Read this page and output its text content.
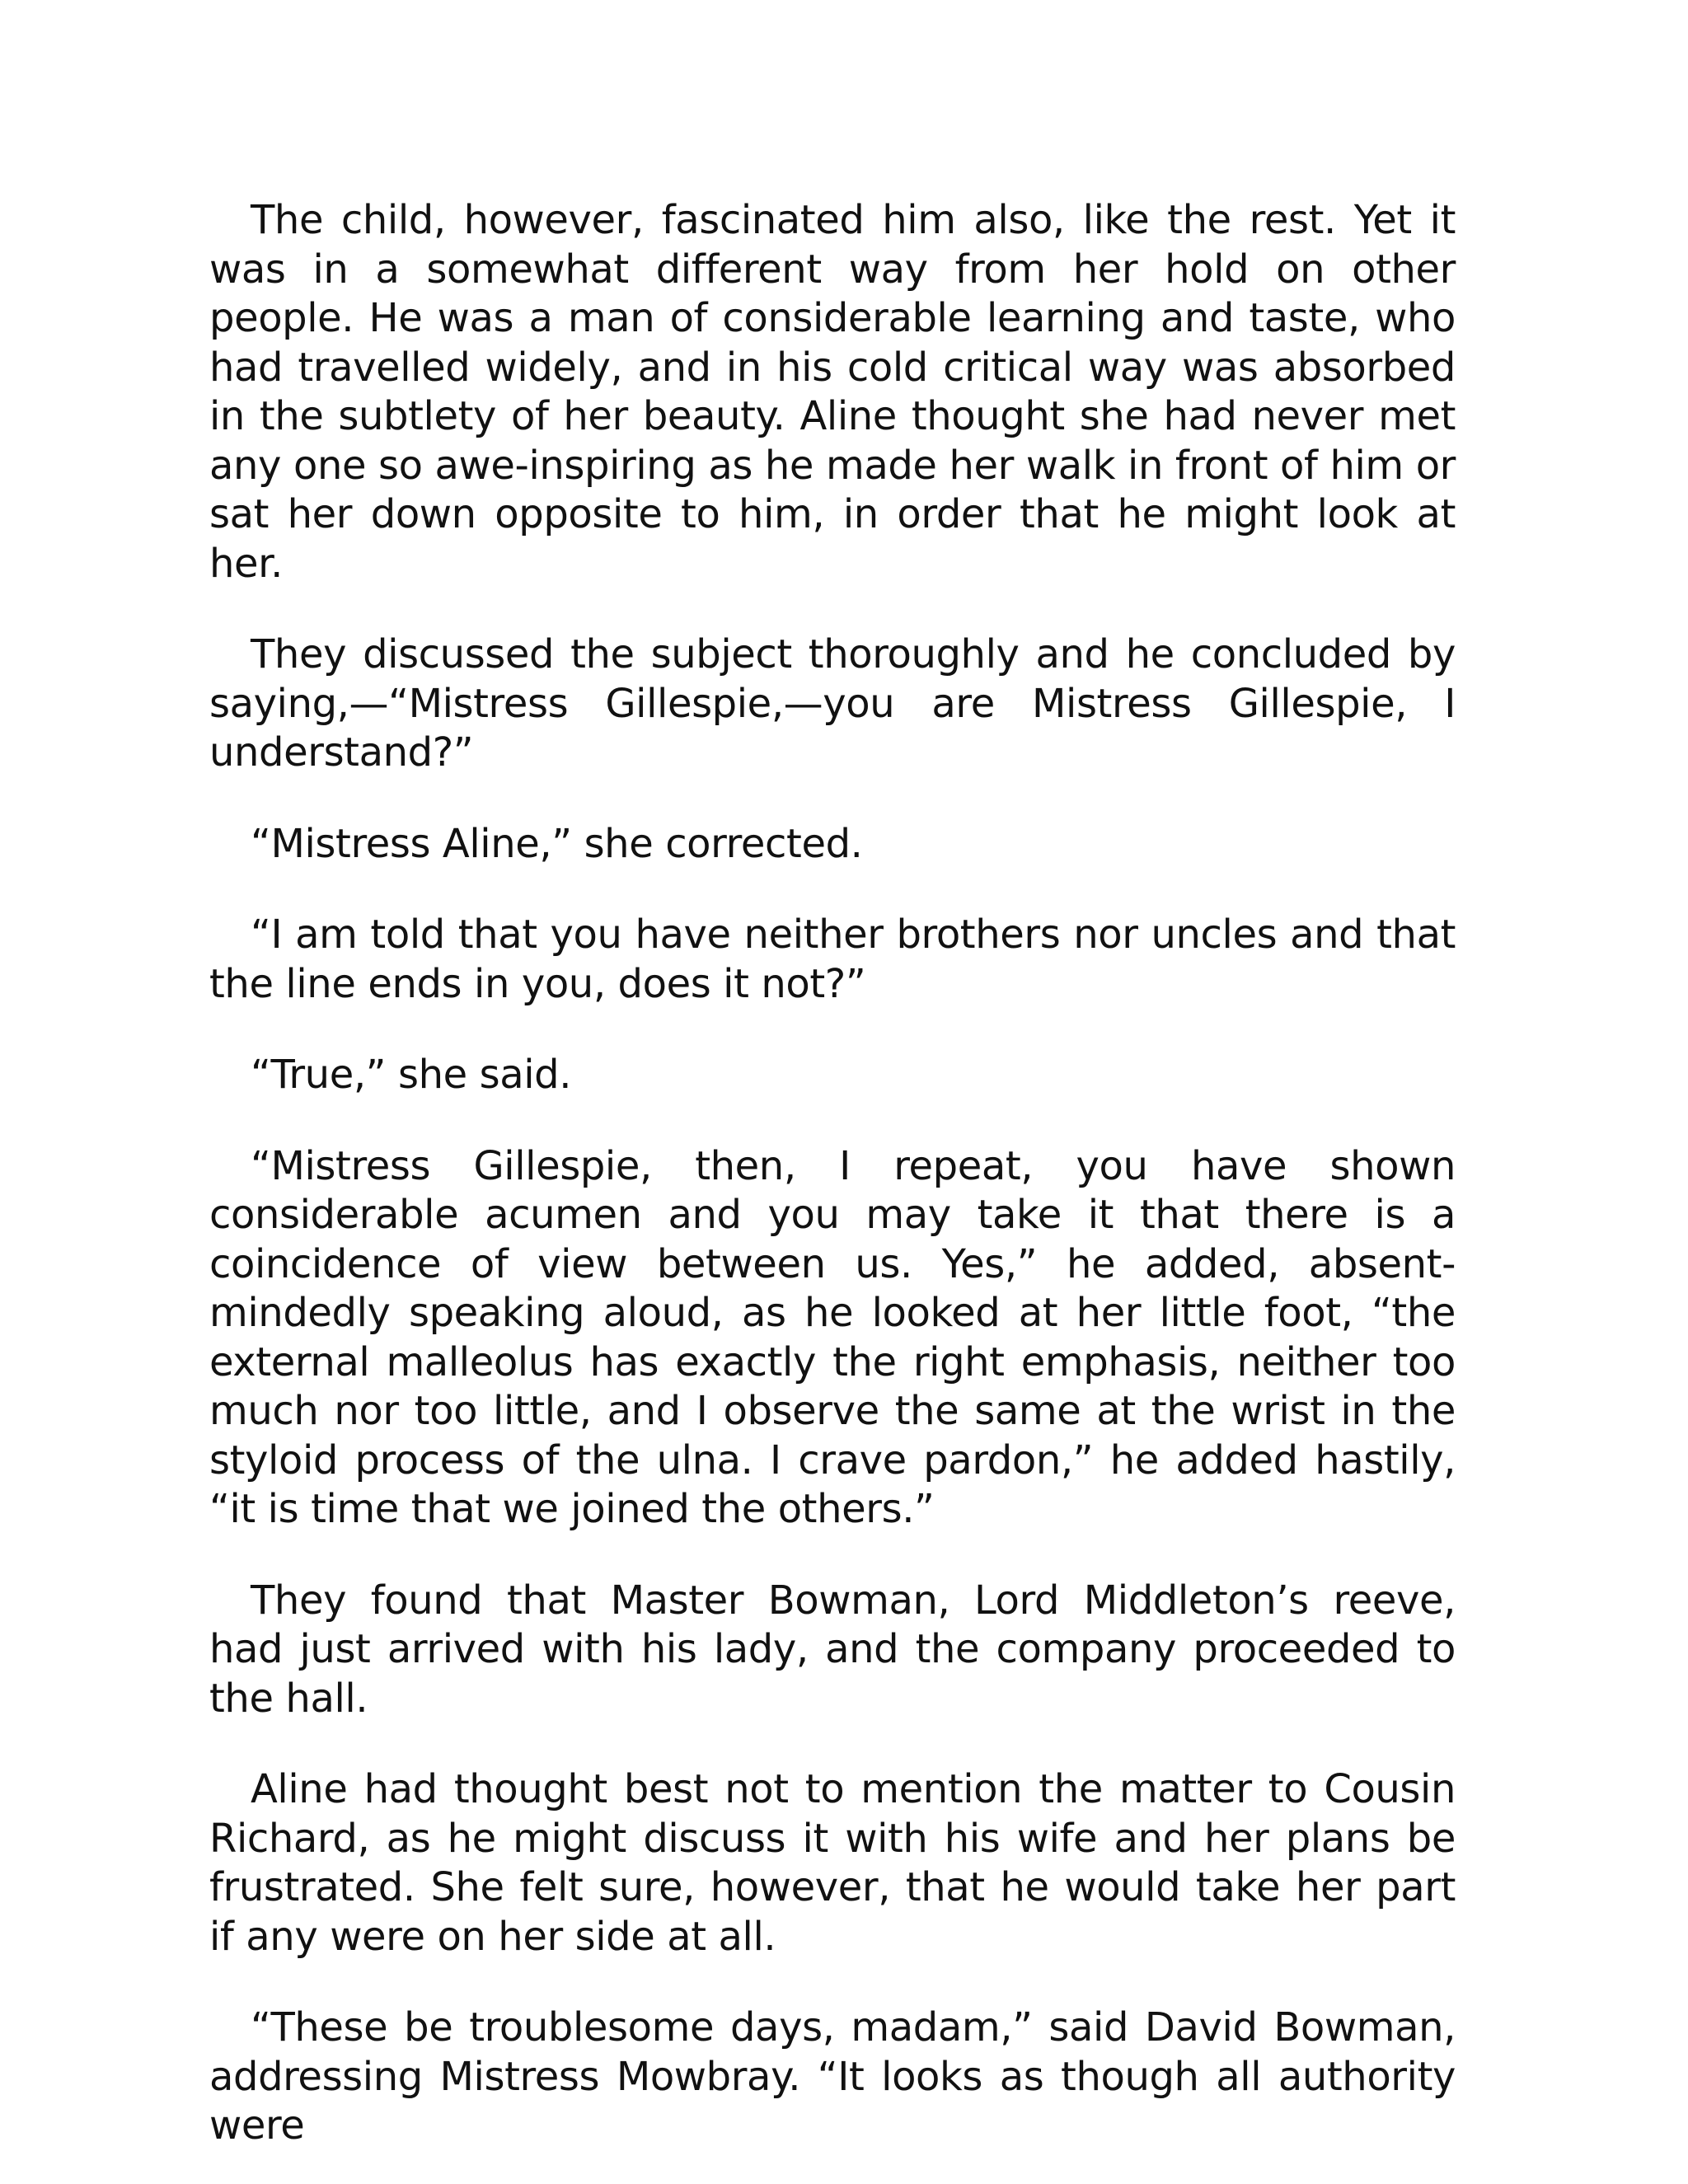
The child, however, fascinated him also, like the rest. Yet it was in a somewhat different way from her hold on other people. He was a man of considerable learning and taste, who had travelled widely, and in his cold critical way was absorbed in the subtlety of her beauty. Aline thought she had never met any one so awe-inspiring as he made her walk in front of him or sat her down opposite to him, in order that he might look at her.

They discussed the subject thoroughly and he concluded by saying,—“Mistress Gillespie,—you are Mistress Gillespie, I understand?”

“Mistress Aline,” she corrected.

“I am told that you have neither brothers nor uncles and that the line ends in you, does it not?”

“True,” she said.

“Mistress Gillespie, then, I repeat, you have shown considerable acumen and you may take it that there is a coincidence of view between us. Yes,” he added, absent-mindedly speaking aloud, as he looked at her little foot, “the external malleolus has exactly the right emphasis, neither too much nor too little, and I observe the same at the wrist in the styloid process of the ulna. I crave pardon,” he added hastily, “it is time that we joined the others.”

They found that Master Bowman, Lord Middleton’s reeve, had just arrived with his lady, and the company proceeded to the hall.

Aline had thought best not to mention the matter to Cousin Richard, as he might discuss it with his wife and her plans be frustrated. She felt sure, however, that he would take her part if any were on her side at all.

“These be troublesome days, madam,” said David Bowman, addressing Mistress Mowbray. “It looks as though all authority were
